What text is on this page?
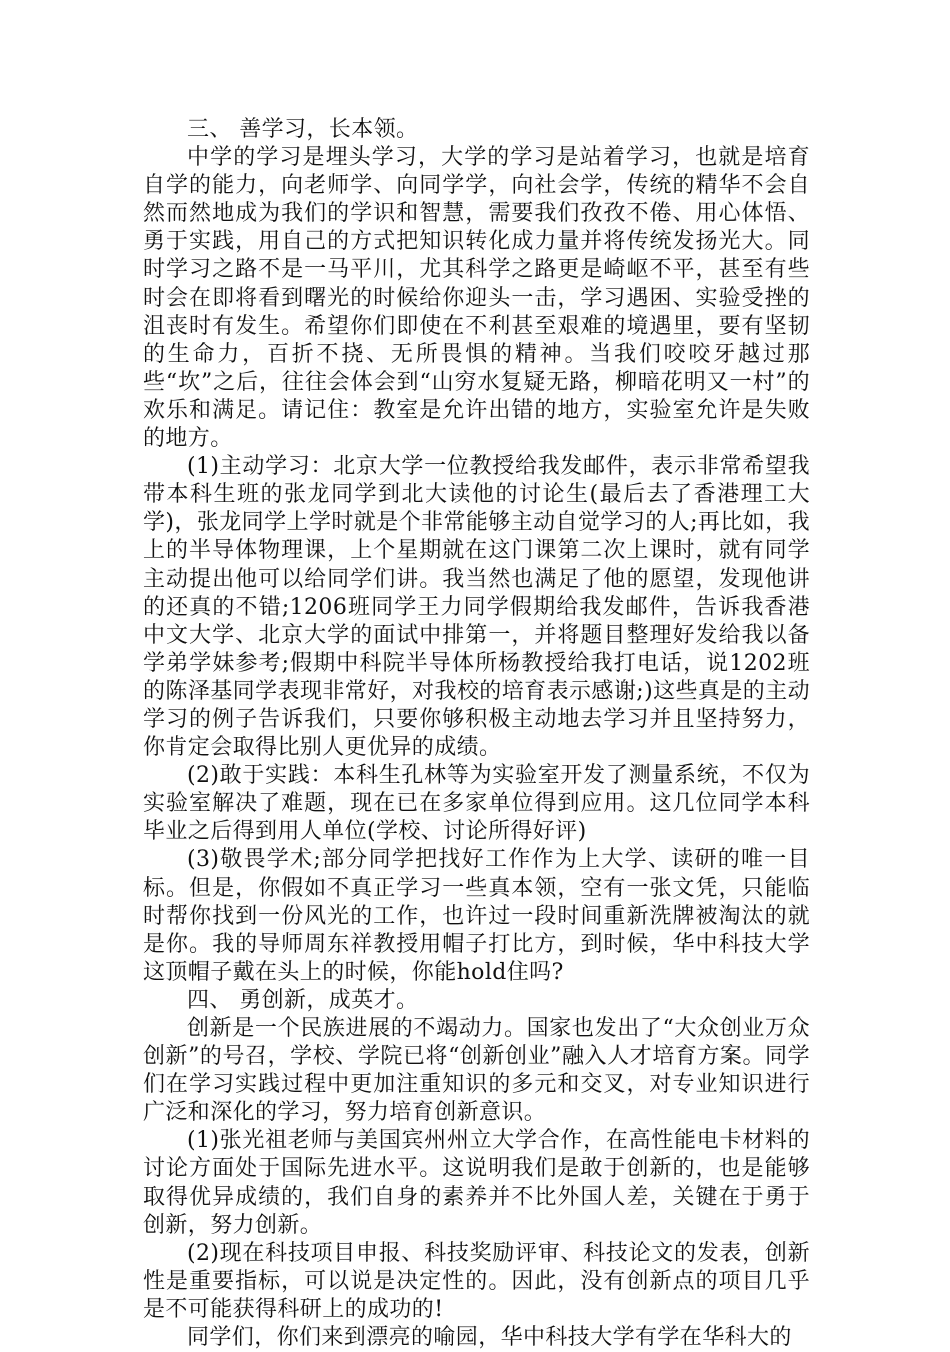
三、 善学习，长本领。

中学的学习是埋头学习，大学的学习是站着学习，也就是培育自学的能力，向老师学、向同学学，向社会学，传统的精华不会自然而然地成为我们的学识和智慧，需要我们孜孜不倦、用心体悟、勇于实践，用自己的方式把知识转化成力量并将传统发扬光大。同时学习之路不是一马平川，尤其科学之路更是崎岖不平，甚至有些时会在即将看到曙光的时候给你迎头一击，学习遇困、实验受挫的沮丧时有发生。希望你们即使在不利甚至艰难的境遇里，要有坚韧的生命力，百折不挠、无所畏惧的精神。当我们咬咬牙越过那些“坎”之后，往往会体会到“山穷水复疑无路，柳暗花明又一村”的欢乐和满足。请记住：教室是允许出错的地方，实验室允许是失败的地方。

(1)主动学习：北京大学一位教授给我发邮件，表示非常希望我带本科生班的张龙同学到北大读他的讨论生(最后去了香港理工大学)，张龙同学上学时就是个非常能够主动自觉学习的人;再比如，我上的半导体物理课，上个星期就在这门课第二次上课时，就有同学主动提出他可以给同学们讲。我当然也满足了他的愿望，发现他讲的还真的不错;1206班同学王力同学假期给我发邮件，告诉我香港中文大学、北京大学的面试中排第一，并将题目整理好发给我以备学弟学妹参考;假期中科院半导体所杨教授给我打电话，说1202班的陈泽基同学表现非常好，对我校的培育表示感谢;)这些真是的主动学习的例子告诉我们，只要你够积极主动地去学习并且坚持努力，你肯定会取得比别人更优异的成绩。

(2)敢于实践：本科生孔林等为实验室开发了测量系统，不仅为实验室解决了难题，现在已在多家单位得到应用。这几位同学本科毕业之后得到用人单位(学校、讨论所得好评)

(3)敬畏学术;部分同学把找好工作作为上大学、读研的唯一目标。但是，你假如不真正学习一些真本领，空有一张文凭，只能临时帮你找到一份风光的工作，也许过一段时间重新洗牌被淘汰的就是你。我的导师周东祥教授用帽子打比方，到时候，华中科技大学这顶帽子戴在头上的时候，你能hold住吗?

四、 勇创新，成英才。

创新是一个民族进展的不竭动力。国家也发出了“大众创业万众创新”的号召，学校、学院已将“创新创业”融入人才培育方案。同学们在学习实践过程中更加注重知识的多元和交叉，对专业知识进行广泛和深化的学习，努力培育创新意识。

(1)张光祖老师与美国宾州州立大学合作，在高性能电卡材料的讨论方面处于国际先进水平。这说明我们是敢于创新的，也是能够取得优异成绩的，我们自身的素养并不比外国人差，关键在于勇于创新，努力创新。

(2)现在科技项目申报、科技奖励评审、科技论文的发表，创新性是重要指标，可以说是决定性的。因此，没有创新点的项目几乎是不可能获得科研上的成功的!

同学们，你们来到漂亮的喻园，华中科技大学有学在华科大的
